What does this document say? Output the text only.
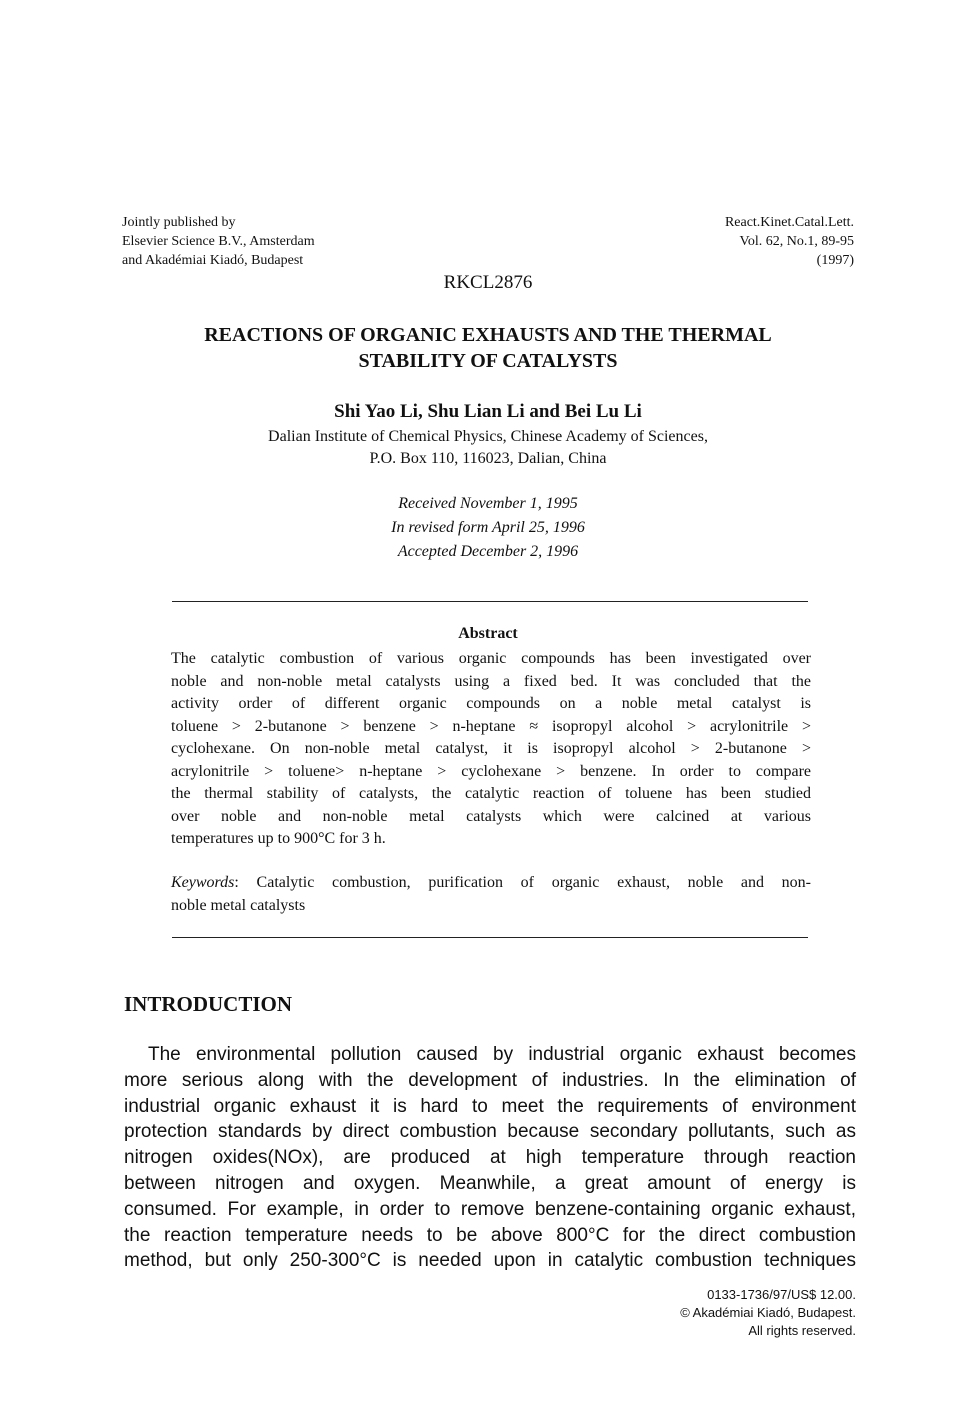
Jointly published by
Elsevier Science B.V., Amsterdam
and Akadémiai Kiadó, Budapest
React.Kinet.Catal.Lett.
Vol. 62, No.1, 89-95
(1997)
RKCL2876
REACTIONS OF ORGANIC EXHAUSTS AND THE THERMAL
STABILITY OF CATALYSTS
Shi Yao Li, Shu Lian Li and Bei Lu Li
Dalian Institute of Chemical Physics, Chinese Academy of Sciences,
P.O. Box 110, 116023, Dalian, China
Received November 1, 1995
In revised form April 25, 1996
Accepted December 2, 1996
Abstract
The catalytic combustion of various organic compounds has been investigated over
noble and non-noble metal catalysts using a fixed bed. It was concluded that the
activity order of different organic compounds on a noble metal catalyst is
toluene > 2-butanone > benzene > n-heptane ≈ isopropyl alcohol > acrylonitrile >
cyclohexane. On non-noble metal catalyst, it is isopropyl alcohol > 2-butanone >
acrylonitrile > toluene> n-heptane > cyclohexane > benzene. In order to compare
the thermal stability of catalysts, the catalytic reaction of toluene has been studied
over noble and non-noble metal catalysts which were calcined at various
temperatures up to 900°C for 3 h.
Keywords: Catalytic combustion, purification of organic exhaust, noble and non-
noble metal catalysts
INTRODUCTION
The environmental pollution caused by industrial organic exhaust becomes
more serious along with the development of industries. In the elimination of
industrial organic exhaust it is hard to meet the requirements of environment
protection standards by direct combustion because secondary pollutants, such as
nitrogen oxides(NOx), are produced at high temperature through reaction
between nitrogen and oxygen. Meanwhile, a great amount of energy is
consumed. For example, in order to remove benzene-containing organic exhaust,
the reaction temperature needs to be above 800°C for the direct combustion
method, but only 250-300°C is needed upon in catalytic combustion techniques
0133-1736/97/US$ 12.00.
© Akadémiai Kiadó, Budapest.
All rights reserved.
